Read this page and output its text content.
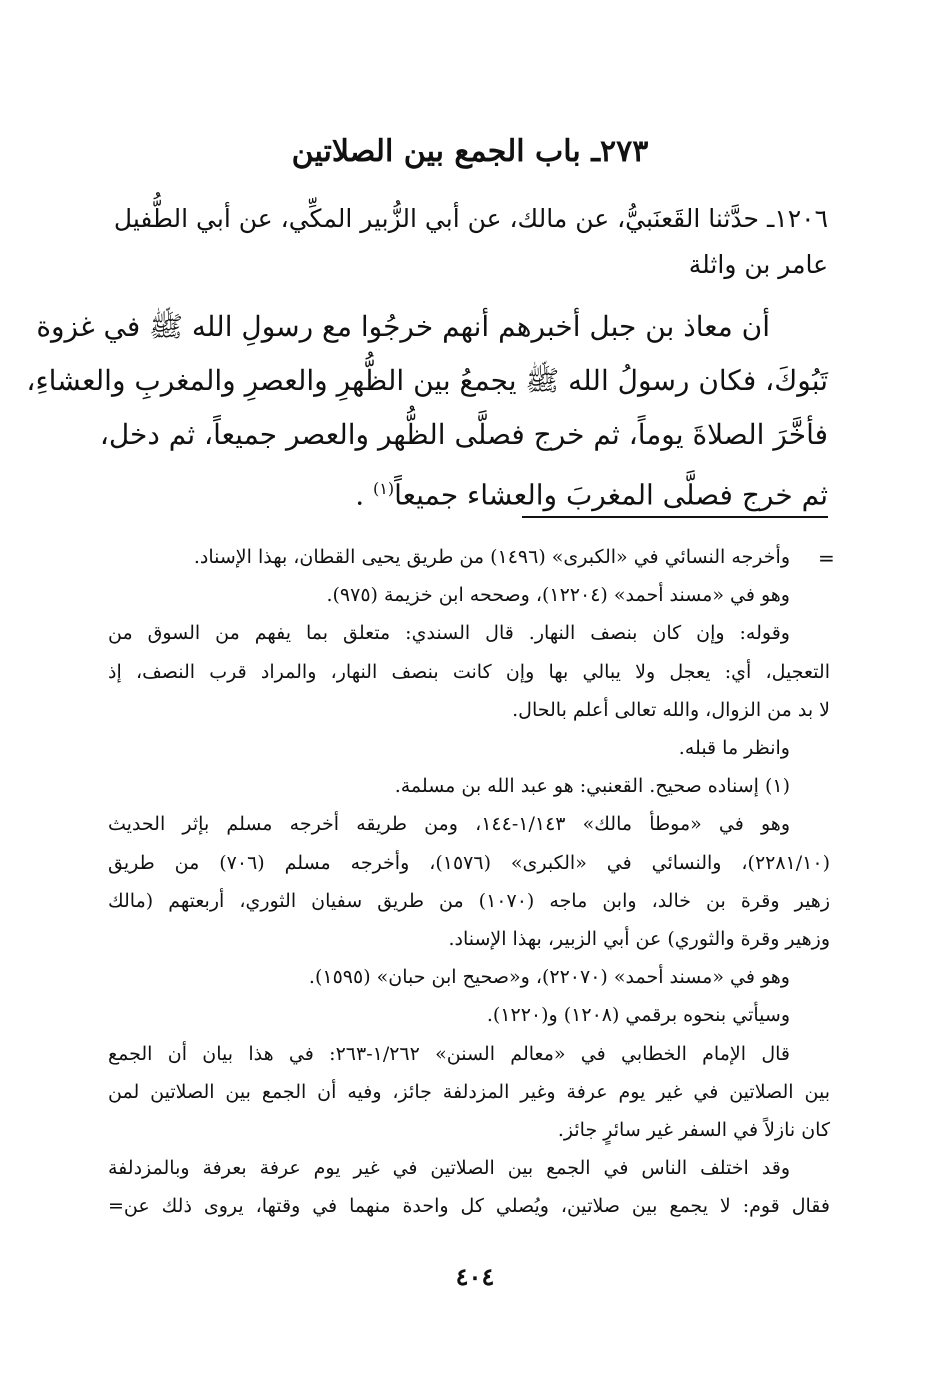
٢٧٣ـ باب الجمع بين الصلاتين
١٢٠٦ـ حدَّثنا القَعنَبيُّ، عن مالك، عن أبي الزُّبير المكِّي، عن أبي الطُّفيل
عامر بن واثلة
أن معاذ بن جبل أخبرهم أنهم خرجُوا مع رسولِ الله ﷺ في غزوة
تَبُوكَ، فكان رسولُ الله ﷺ يجمعُ بين الظُّهرِ والعصرِ والمغربِ والعشاءِ،
فأخَّرَ الصلاةَ يوماً، ثم خرج فصلَّى الظُّهر والعصر جميعاً، ثم دخل،
ثم خرج فصلَّى المغربَ والعشاء جميعاً$^{(١)}$ .
=
وأخرجه النسائي في «الكبرى» (١٤٩٦) من طريق يحيى القطان، بهذا الإسناد.
وهو في «مسند أحمد» (١٢٢٠٤)، وصححه ابن خزيمة (٩٧٥).
وقوله: وإن كان بنصف النهار. قال السندي: متعلق بما يفهم من السوق من
التعجيل، أي: يعجل ولا يبالي بها وإن كانت بنصف النهار، والمراد قرب النصف، إذ
لا بد من الزوال، والله تعالى أعلم بالحال.
وانظر ما قبله.
(١) إسناده صحيح. القعنبي: هو عبد الله بن مسلمة.
وهو في «موطأ مالك» ١/١٤٣-١٤٤، ومن طريقه أخرجه مسلم بإثر الحديث
(٢٢٨١/١٠)، والنسائي في «الكبرى» (١٥٧٦)، وأخرجه مسلم (٧٠٦) من طريق
زهير وقرة بن خالد، وابن ماجه (١٠٧٠) من طريق سفيان الثوري، أربعتهم (مالك
وزهير وقرة والثوري) عن أبي الزبير، بهذا الإسناد.
وهو في «مسند أحمد» (٢٢٠٧٠)، و«صحيح ابن حبان» (١٥٩٥).
وسيأتي بنحوه برقمي (١٢٠٨) و(١٢٢٠).
قال الإمام الخطابي في «معالم السنن» ١/٢٦٢-٢٦٣: في هذا بيان أن الجمع
بين الصلاتين في غير يوم عرفة وغير المزدلفة جائز، وفيه أن الجمع بين الصلاتين لمن
كان نازلاً في السفر غير سائرٍ جائز.
وقد اختلف الناس في الجمع بين الصلاتين في غير يوم عرفة بعرفة وبالمزدلفة
فقال قوم: لا يجمع بين صلاتين، ويُصلي كل واحدة منهما في وقتها، يروى ذلك عن=
٤٠٤
